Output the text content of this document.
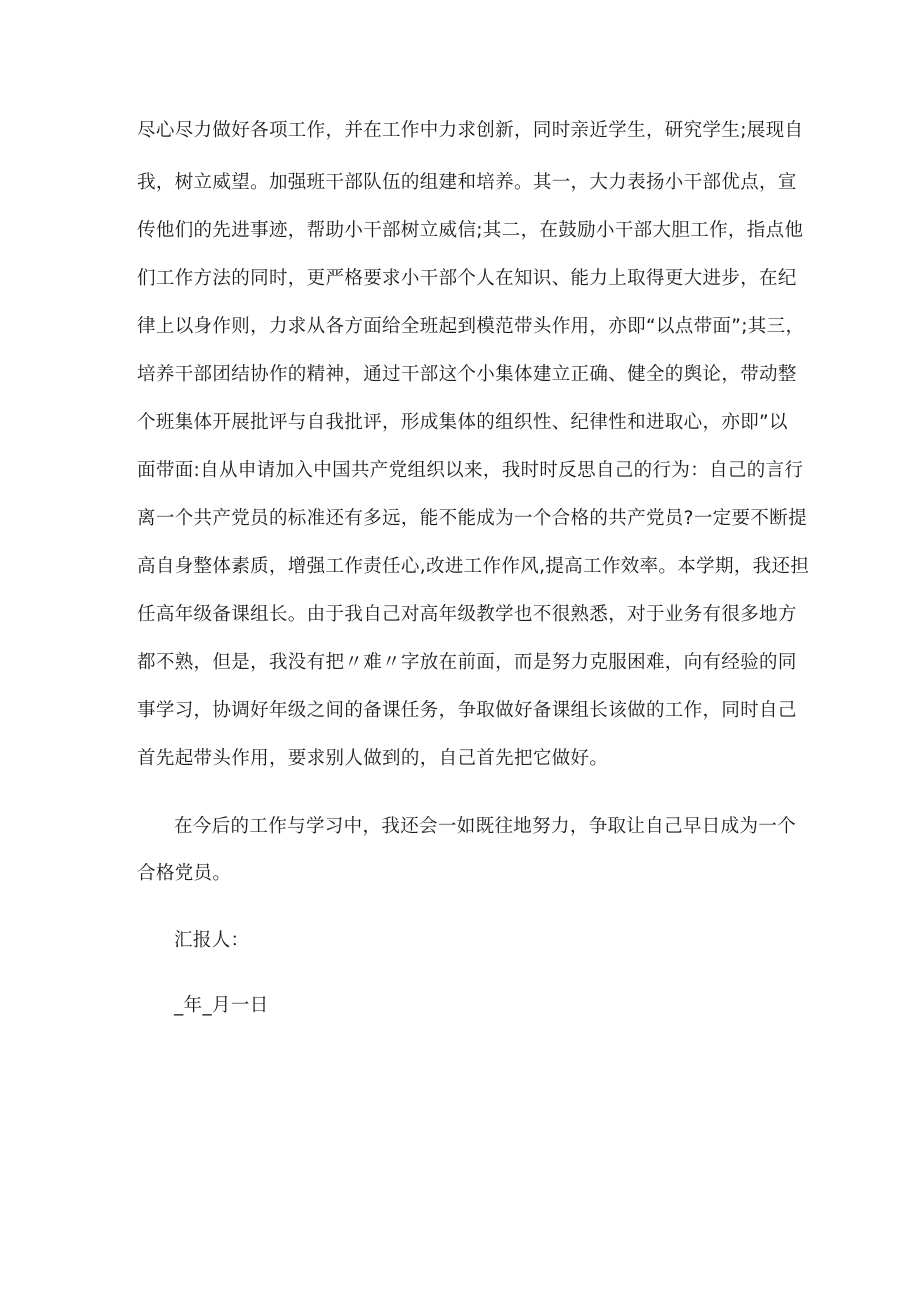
尽心尽力做好各项工作，并在工作中力求创新，同时亲近学生，研究学生;展现自
我，树立威望。加强班干部队伍的组建和培养。其一，大力表扬小干部优点，宣
传他们的先进事迹，帮助小干部树立威信;其二，在鼓励小干部大胆工作，指点他
们工作方法的同时，更严格要求小干部个人在知识、能力上取得更大进步，在纪
律上以身作则，力求从各方面给全班起到模范带头作用，亦即“以点带面”;其三，
培养干部团结协作的精神，通过干部这个小集体建立正确、健全的舆论，带动整
个班集体开展批评与自我批评，形成集体的组织性、纪律性和进取心，亦即”以
面带面:自从申请加入中国共产党组织以来，我时时反思自己的行为：自己的言行
离一个共产党员的标准还有多远，能不能成为一个合格的共产党员?一定要不断提
高自身整体素质，增强工作责任心,改进工作作风,提高工作效率。本学期，我还担
任高年级备课组长。由于我自己对高年级教学也不很熟悉，对于业务有很多地方
都不熟，但是，我没有把〃难〃字放在前面，而是努力克服困难，向有经验的同
事学习，协调好年级之间的备课任务，争取做好备课组长该做的工作，同时自己
首先起带头作用，要求别人做到的，自己首先把它做好。
在今后的工作与学习中，我还会一如既往地努力，争取让自己早日成为一个
合格党员。
汇报人：
_年_月一日
